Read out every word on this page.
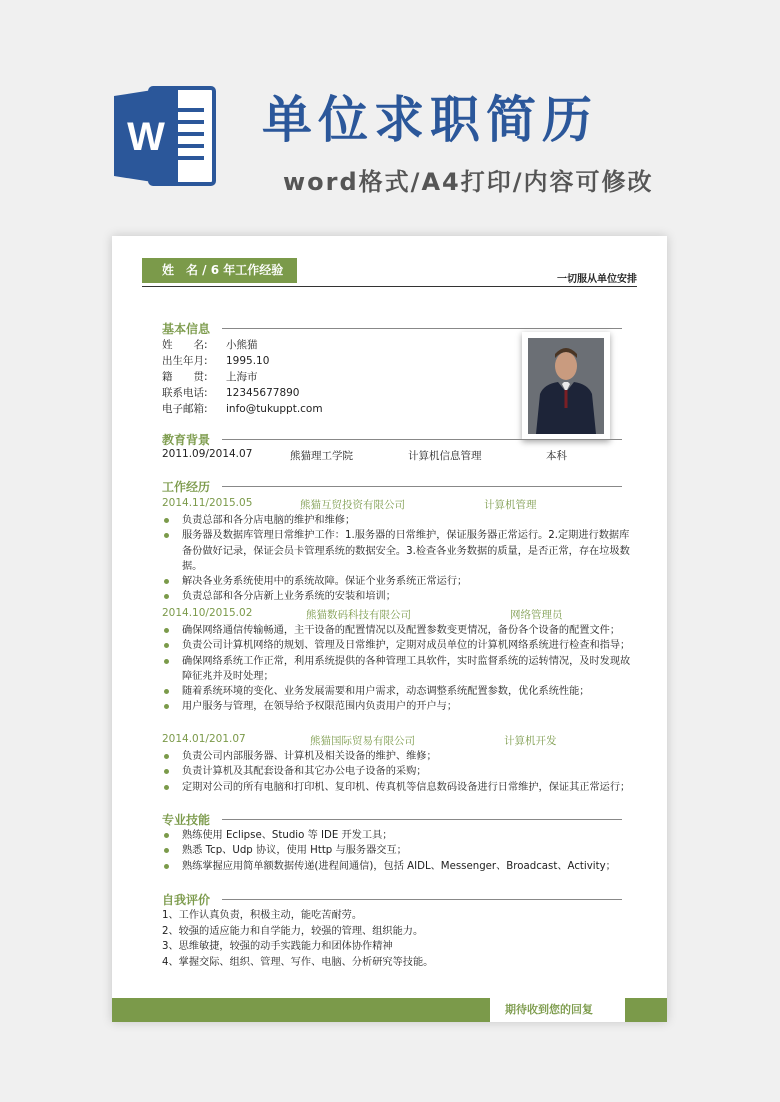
W 单位求职简历
word格式/A4打印/内容可修改
姓　名 / 6 年工作经验
一切服从单位安排
基本信息
姓　　名: 小熊猫
出生年月: 1995.10
籍　　贯: 上海市
联系电话: 12345677890
电子邮箱: info@tukuppt.com
教育背景
2011.09/2014.07	熊猫理工学院	计算机信息管理	本科
工作经历
2014.11/2015.05	熊猫互贸投资有限公司	计算机管理
负责总部和各分店电脑的维护和维修；
服务器及数据库管理日常维护工作：1.服务器的日常维护，保证服务器正常运行。2.定期进行数据库备份做好记录，保证会员卡管理系统的数据安全。3.检查各业务数据的质量，是否正常，存在垃圾数据。
解决各业务系统使用中的系统故障。保证个业务系统正常运行；
负责总部和各分店新上业务系统的安装和培训；
2014.10/2015.02	熊猫数码科技有限公司	网络管理员
确保网络通信传输畅通，主干设备的配置情况以及配置参数变更情况，备份各个设备的配置文件；
负责公司计算机网络的规划、管理及日常维护，定期对成员单位的计算机网络系统进行检查和指导；
确保网络系统工作正常，利用系统提供的各种管理工具软件，实时监督系统的运转情况，及时发现故障征兆并及时处理；
随着系统环境的变化、业务发展需要和用户需求，动态调整系统配置参数，优化系统性能；
用户服务与管理，在领导给予权限范围内负责用户的开户与；
2014.01/201.07	熊猫国际贸易有限公司	计算机开发
负责公司内部服务器、计算机及相关设备的维护、维修；
负责计算机及其配套设备和其它办公电子设备的采购；
定期对公司的所有电脑和打印机、复印机、传真机等信息数码设备进行日常维护，保证其正常运行；
专业技能
熟练使用 Eclipse、Studio 等 IDE 开发工具；
熟悉 Tcp、Udp 协议，使用 Http 与服务器交互；
熟练掌握应用简单额数据传递(进程间通信)，包括 AIDL、Messenger、Broadcast、Activity；
自我评价
1、工作认真负责，积极主动，能吃苦耐劳。
2、较强的适应能力和自学能力，较强的管理、组织能力。
3、思维敏捷，较强的动手实践能力和团体协作精神
4、掌握交际、组织、管理、写作、电脑、分析研究等技能。
期待收到您的回复
